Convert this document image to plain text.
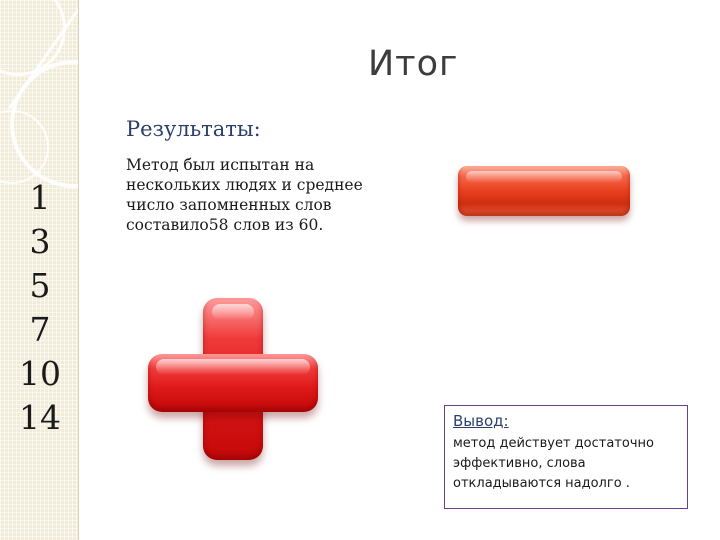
1
3
5
7
10
14
Итог
Результаты:
Метод был испытан на нескольких людях и среднее число запомненных слов составило58 слов из 60.
Вывод:
метод действует достаточно эффективно, слова откладываются надолго .
